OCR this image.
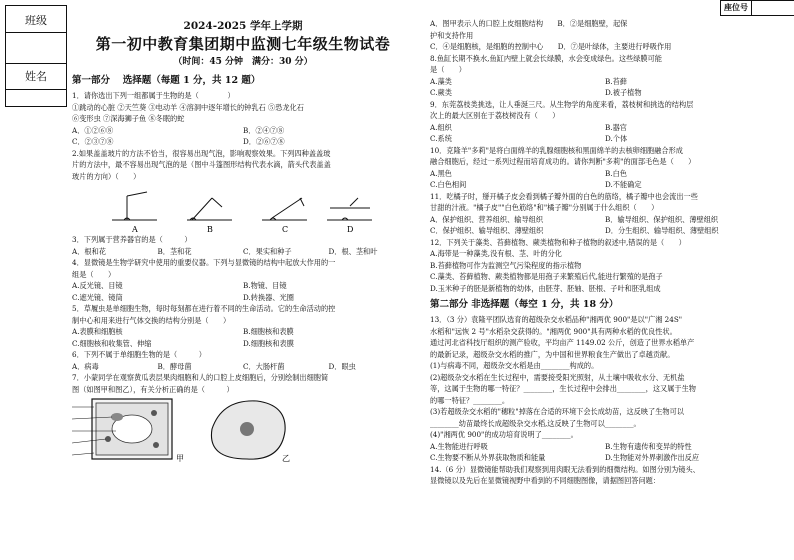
班级
姓名
座位号
2024-2025 学年上学期
第一初中教育集团期中监测七年级生物试卷
（时间：45 分钟　满分：30 分）
第一部分　 选择题（每题 1 分，共 12 题）
1．请你选出下列一组都属于生物的是（　　　　）
①跳动的心脏 ②天竺葵 ③电动羊 ④溶洞中逐年增长的钟乳石 ⑤恐龙化石
⑥变形虫 ⑦深海狮子鱼 ⑧冬眠的蛇
A．①②⑥⑧	B．②④⑦⑧
C．②③⑦⑧	D．②⑥⑦⑧
2.如果盖盖玻片的方法不恰当，很容易出现气泡，影响观察效果。下列四种盖盖玻
片的方法中，最不容易出现气泡的是（图中斗篷图形结构代表水滴，箭头代表盖盖
玻片的方向）（　　）
A	B	C	D
3．下列属于营养器官的是（　　　）
A．根和花	B．茎和花	C．果实和种子	D．根、茎和叶
4．显微镜是生物学研究中使用的重要仪器。下列与显微镜的结构中起放大作用的一
组是（　　）
A.反光镜、目镜	B.物镜、目镜
C.遮光镜、镜筒	D.转换器、光圈
5．草履虫是单细胞生物，每时每刻都在进行着不同的生命活动。它的生命活动的控
制中心和用来进行气体交换的结构分别是（　　）
A.表膜和细胞核	B.细胞核和表膜
C.细胞核和收集管、伸缩	D.细胞核和表膜
6．下列不属于单细胞生物的是（　　　）
A．病毒	B．酵母菌	C．大肠杆菌	D．眼虫
7．小蒙同学在观察黄瓜表层果肉细胞和人的口腔上皮细胞后，分别绘制出细胞简
图（如图甲和图乙），有关分析正确的是（　　　）
乙
甲
A．图甲表示人的口腔上皮细胞结构　　B．②是细胞壁，起保
护和支持作用
C．④是细胞核，是细胞的控制中心　　D．⑦是叶绿体，主要进行呼吸作用
8.鱼缸长期不换水,鱼缸内壁上就会长绿膜，水会变成绿色。这些绿膜可能
是（　　）
A.藻类	B.苔藓
C.蕨类	D.被子植物
9．东莞荔枝类挑选，让人垂涎三尺。从生物学的角度来看，荔枝树和挑选的结构层
次上的最大区别在于荔枝树没有（　　）
A.组织	B.器官
C.系统	D.个体
10．克隆羊"多莉"是将白面绵羊的乳腺细胞核和黑面绵羊的去核卵细胞融合形成
融合细胞后，经过一系列过程而培育成功的。请你判断"多莉"的面部毛色是（　　）
A.黑色	B.白色
C.白色相间	D.不能确定
11．吃橘子时，掰开橘子皮会看到橘子瓣外面的白色的筋络，橘子瓣中也会流出一些
甘甜的汁液。"橘子皮""白色筋络"和"橘子瓣"分别属于什么组织（　　）
A．保护组织、营养组织、输导组织	B．输导组织、保护组织、薄壁组织
C．保护组织、输导组织、薄壁组织	D．分生组织、输导组织、薄壁组织
12．下列关于藻类、苔藓植物、蕨类植物和种子植物的叙述中,错误的是（　　）
A.海带是一种藻类,没有根、茎、叶的分化
B.苔藓植物可作为监测空气污染程度的指示植物
C.藻类、苔藓植物、蕨类植物都是用孢子来繁殖后代,能进行繁殖的是孢子
D.玉米种子的胚是新植物的幼体，由胚芽、胚轴、胚根、子叶和胚乳组成
第二部分 非选择题（每空 1 分，共 18 分）
13．（3 分）袁隆平团队选育的超级杂交水稻品种"湘两优 900"是以"广湘 24S"
水稻和"远恢 2 号"水稻杂交获得的。"湘两优 900"具有两种水稻的优良性状。
通过河北省科技厅组织的测产验收，平均亩产 1149.02 公斤，创造了世界水稻单产
的最新记录，超级杂交水稻的推广，为中国和世界粮食生产做出了卓越贡献。
(1)与病毒不同，超级杂交水稻是由________构成的。
(2)超级杂交水稻在生长过程中，需要接受阳光照射，从土壤中吸收水分、无机盐
等，这属于生物的哪一特征？________，生长过程中会排出________，这又属于生物
的哪一特征？________。
(3)若超级杂交水稻的"穗粒"掉落在合适的环境下会长成幼苗，这反映了生物可以
________幼苗最终长成超级杂交水稻,这反映了生物可以________。
(4)"湘两优 900"的成功培育说明了________。
A.生物能进行呼吸	B.生物有遗传和变异的特性
C.生物要不断从外界获取物质和能量	D.生物能对外界刺激作出反应
14.（6 分）显微镜能帮助我们观察到用肉眼无法看到的细微结构。如图分别为镜头、
显微镜以及先后在显微镜视野中看到的不同细胞图像，请据图回答问题：
